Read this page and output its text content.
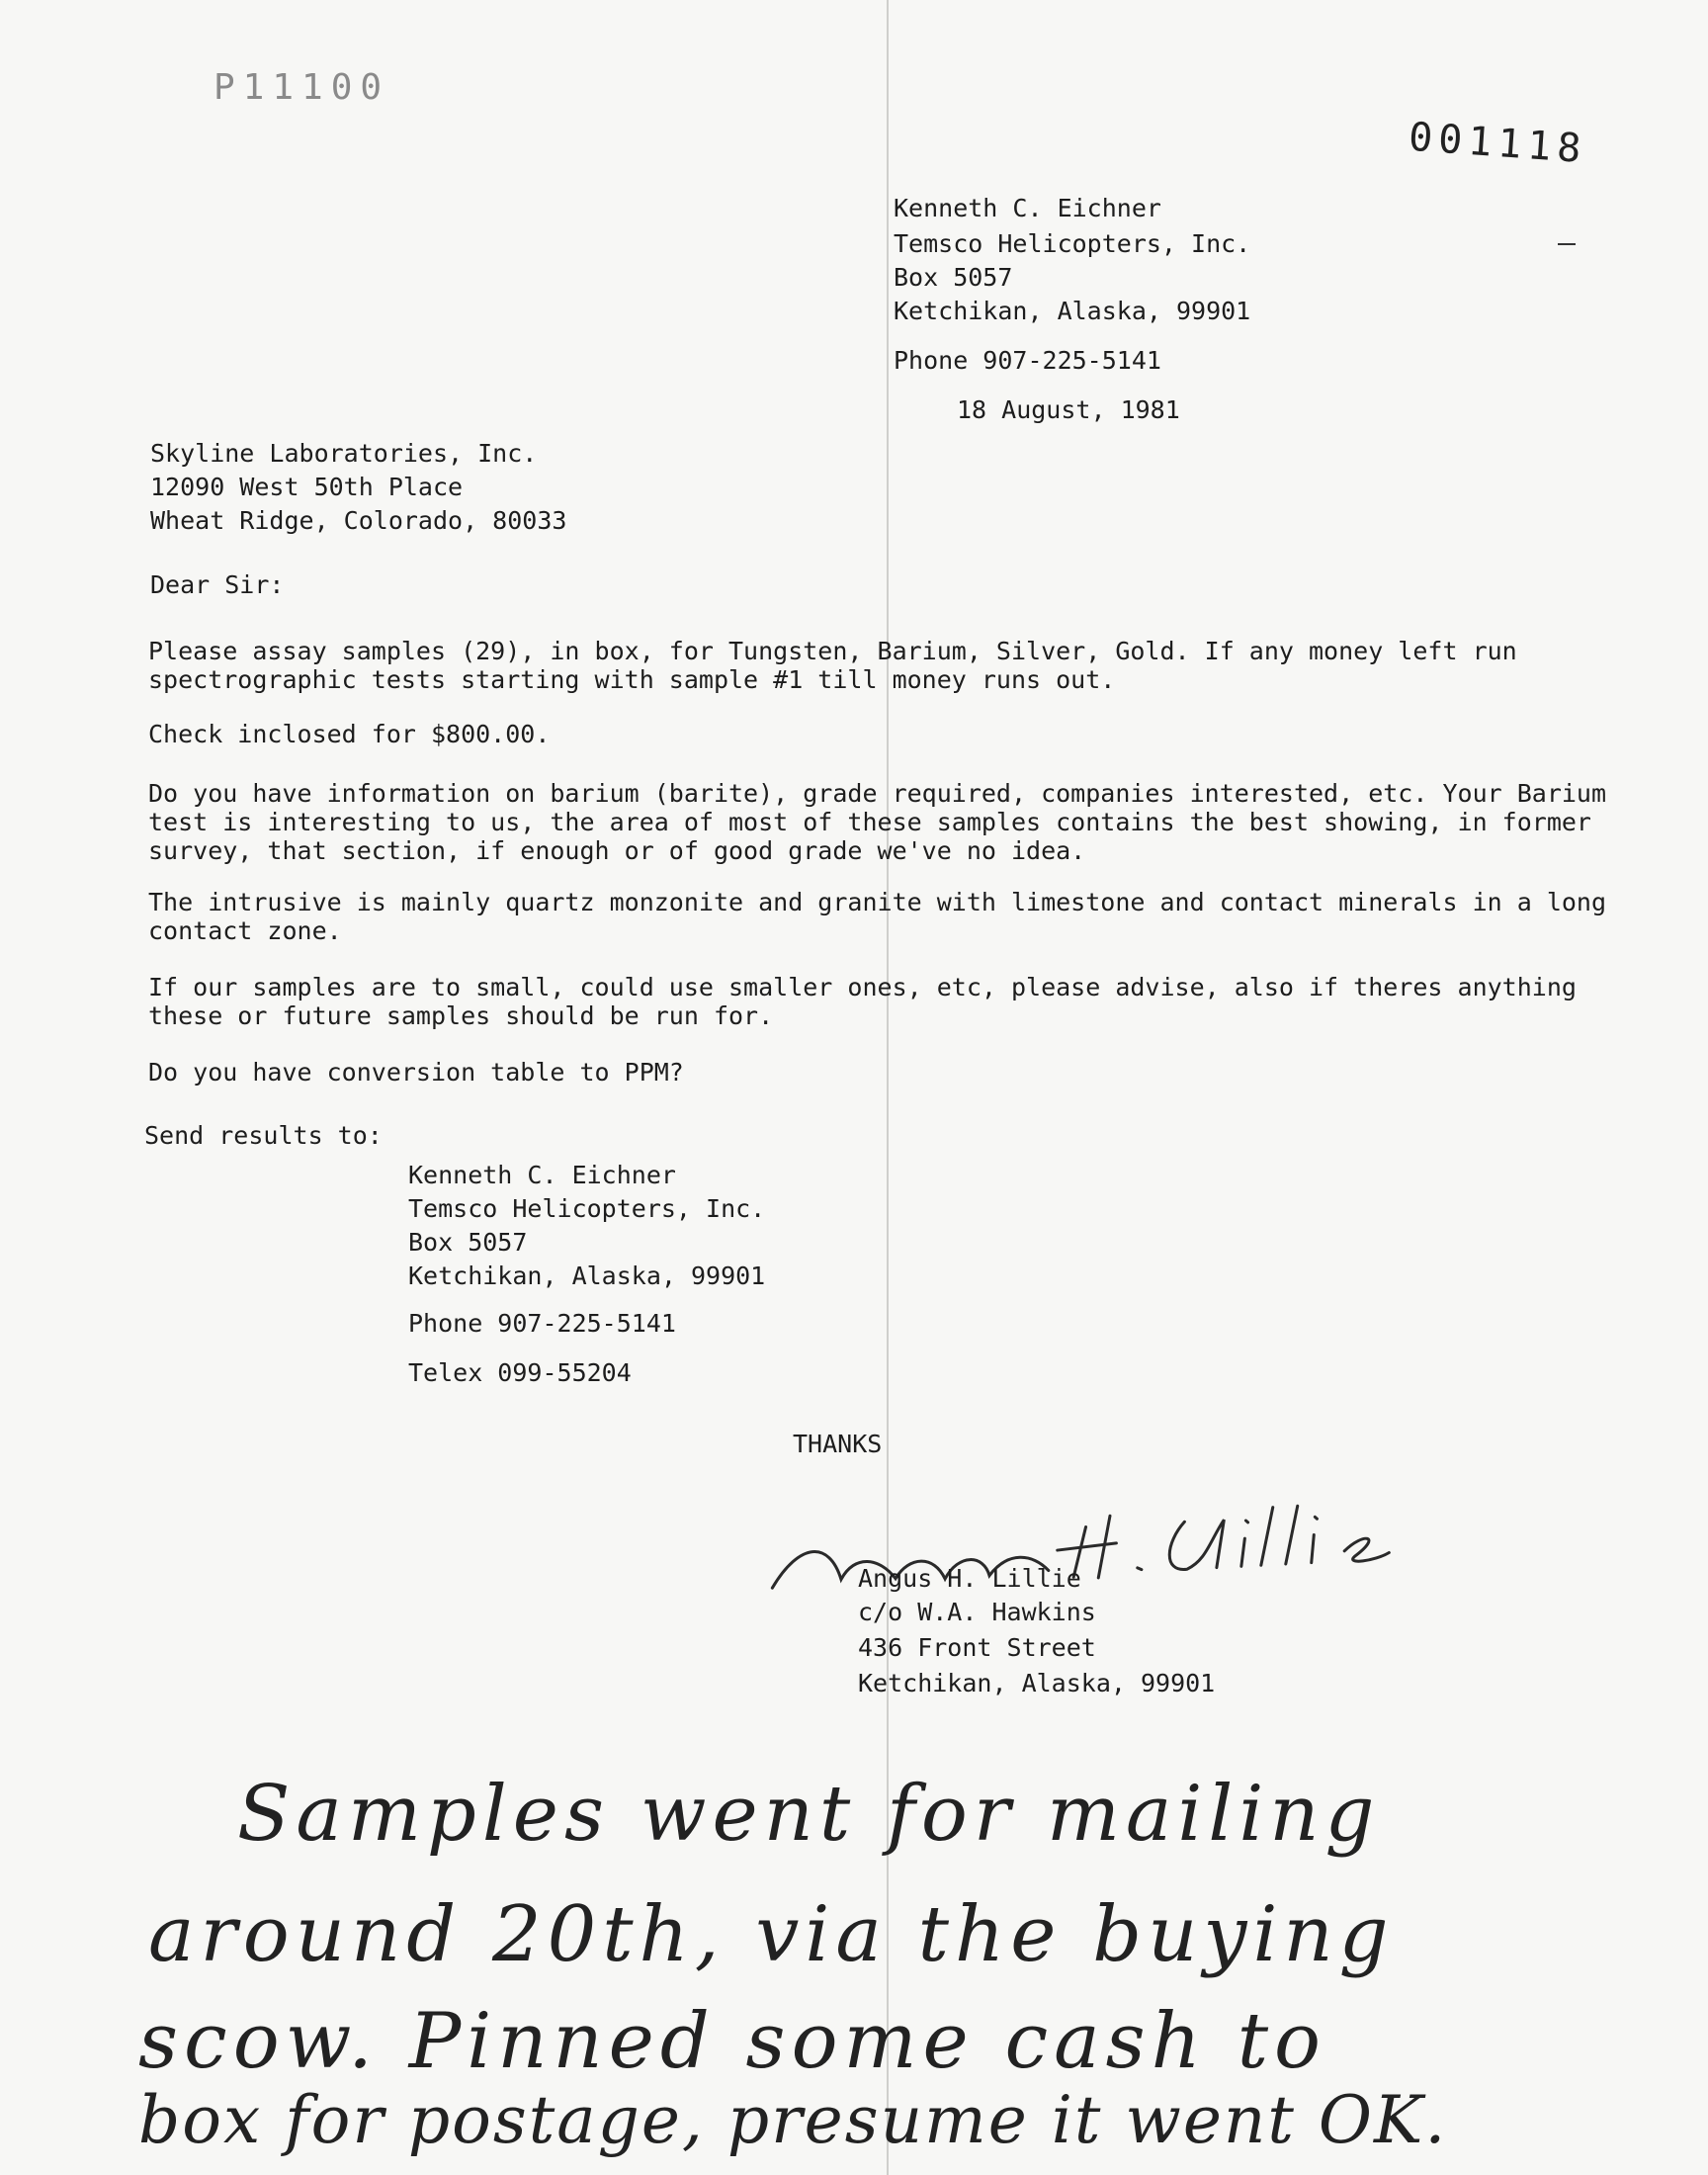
P11100
001118
Kenneth C. Eichner
Temsco Helicopters, Inc.
Box 5057
Ketchikan, Alaska, 99901
Phone 907-225-5141
18 August, 1981
Skyline Laboratories, Inc.
12090 West 50th Place
Wheat Ridge, Colorado, 80033
Dear Sir:
Please assay samples (29), in box, for Tungsten, Barium, Silver, Gold. If any money left run spectrographic tests starting with sample #1 till money runs out.
Check inclosed for $800.00.
Do you have information on barium (barite), grade required, companies interested, etc. Your Barium test is interesting to us, the area of most of these samples contains the best showing, in former survey, that section, if enough or of good grade we've no idea.
The intrusive is mainly quartz monzonite and granite with limestone and contact minerals in a long contact zone.
If our samples are to small, could use smaller ones, etc, please advise, also if theres anything these or future samples should be run for.
Do you have conversion table to PPM?
Send results to:
Kenneth C. Eichner
Temsco Helicopters, Inc.
Box 5057
Ketchikan, Alaska, 99901
Phone 907-225-5141
Telex 099-55204
THANKS
Angus H. Lillie
c/o W.A. Hawkins
436 Front Street
Ketchikan, Alaska, 99901
Samples went for mailing
around 20th, via the buying
scow. Pinned some cash to
box for postage, presume it went OK.
